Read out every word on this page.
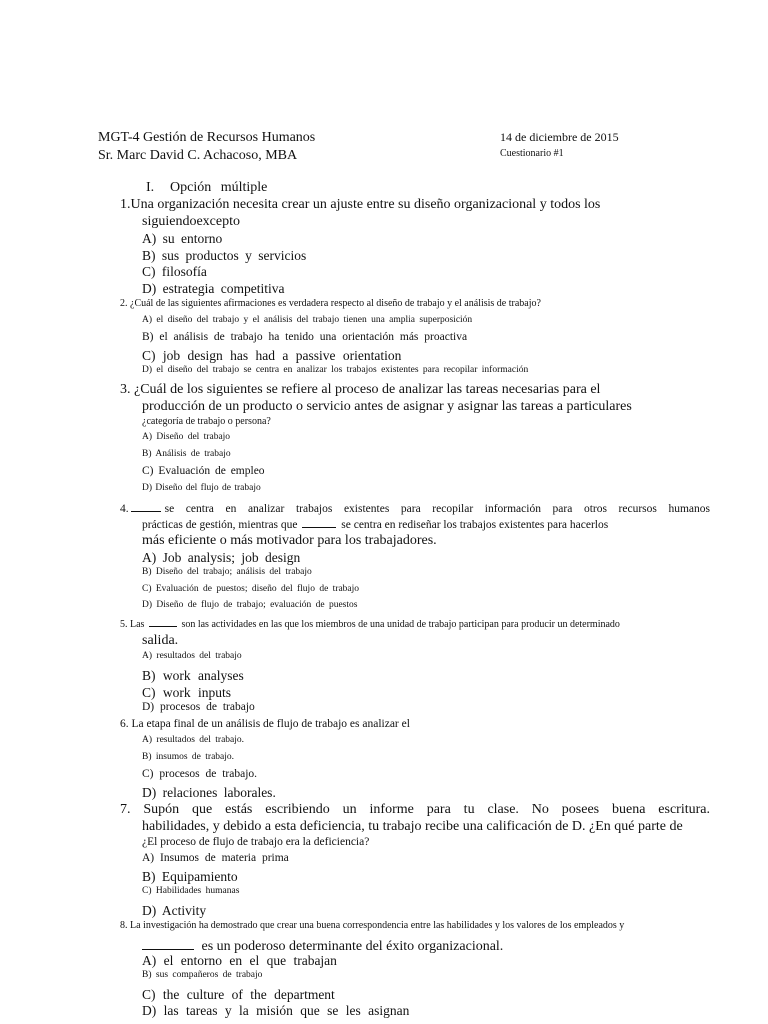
MGT-4 Gestión de Recursos Humanos
Sr. Marc David C. Achacoso, MBA
14 de diciembre de 2015
Cuestionario #1
I. Opción múltiple
1.Una organización necesita crear un ajuste entre su diseño organizacional y todos los
siguiendoexcepto
A) su entorno
B) sus productos y servicios
C) filosofía
D) estrategia competitiva
2. ¿Cuál de las siguientes afirmaciones es verdadera respecto al diseño de trabajo y el análisis de trabajo?
A) el diseño del trabajo y el análisis del trabajo tienen una amplia superposición
B) el análisis de trabajo ha tenido una orientación más proactiva
C) job design has had a passive orientation
D) el diseño del trabajo se centra en analizar los trabajos existentes para recopilar información
3. ¿Cuál de los siguientes se refiere al proceso de analizar las tareas necesarias para el
producción de un producto o servicio antes de asignar y asignar las tareas a particulares
¿categoría de trabajo o persona?
A) Diseño del trabajo
B) Análisis de trabajo
C) Evaluación de empleo
D) Diseño del flujo de trabajo
4.	se centra en analizar trabajos existentes para recopilar información para otros recursos humanos
prácticas de gestión, mientras que	se centra en rediseñar los trabajos existentes para hacerlos
más eficiente o más motivador para los trabajadores.
A) Job analysis; job design
B) Diseño del trabajo; análisis del trabajo
C) Evaluación de puestos; diseño del flujo de trabajo
D) Diseño de flujo de trabajo; evaluación de puestos
5. Las	son las actividades en las que los miembros de una unidad de trabajo participan para producir un determinado
salida.
A) resultados del trabajo
B) work analyses
C) work inputs
D) procesos de trabajo
6. La etapa final de un análisis de flujo de trabajo es analizar el
A) resultados del trabajo.
B) insumos de trabajo.
C) procesos de trabajo.
D) relaciones laborales.
7. Supón que estás escribiendo un informe para tu clase. No posees buena escritura.
habilidades, y debido a esta deficiencia, tu trabajo recibe una calificación de D. ¿En qué parte de
¿El proceso de flujo de trabajo era la deficiencia?
A) Insumos de materia prima
B) Equipamiento
C) Habilidades humanas
D) Activity
8. La investigación ha demostrado que crear una buena correspondencia entre las habilidades y los valores de los empleados y
es un poderoso determinante del éxito organizacional.
A) el entorno en el que trabajan
B) sus compañeros de trabajo
C) the culture of the department
D) las tareas y la misión que se les asignan
